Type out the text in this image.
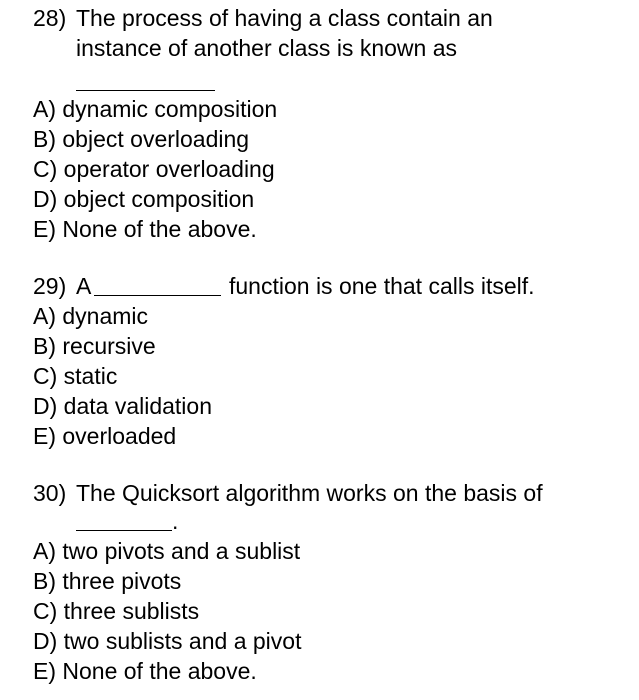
28) The process of having a class contain an
instance of another class is known as
A) dynamic composition
B) object overloading
C) operator overloading
D) object composition
E) None of the above.
29) A	function is one that calls itself.
A) dynamic
B) recursive
C) static
D) data validation
E) overloaded
30) The Quicksort algorithm works on the basis of
.
A) two pivots and a sublist
B) three pivots
C) three sublists
D) two sublists and a pivot
E) None of the above.
